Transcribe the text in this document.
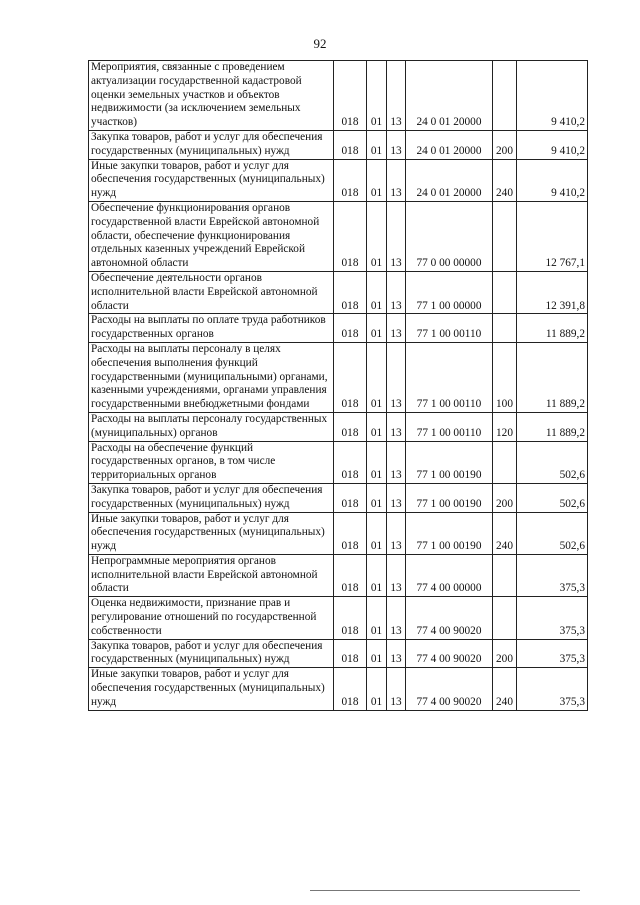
92
Мероприятия, связанные с проведением актуализации государственной кадастровой оценки земельных участков и объектов недвижимости (за исключением земельных участков)	018	01	13	24 0 01 20000		9 410,2
Закупка товаров, работ и услуг для обеспечения государственных (муниципальных) нужд	018	01	13	24 0 01 20000	200	9 410,2
Иные закупки товаров, работ и услуг для обеспечения государственных (муниципальных) нужд	018	01	13	24 0 01 20000	240	9 410,2
Обеспечение функционирования органов государственной власти Еврейской автономной области, обеспечение функционирования отдельных казенных учреждений Еврейской автономной области	018	01	13	77 0 00 00000		12 767,1
Обеспечение деятельности органов исполнительной власти Еврейской автономной области	018	01	13	77 1 00 00000		12 391,8
Расходы на выплаты по оплате труда работников государственных органов	018	01	13	77 1 00 00110		11 889,2
Расходы на выплаты персоналу в целях обеспечения выполнения функций государственными (муниципальными) органами, казенными учреждениями, органами управления государственными внебюджетными фондами	018	01	13	77 1 00 00110	100	11 889,2
Расходы на выплаты персоналу государственных (муниципальных) органов	018	01	13	77 1 00 00110	120	11 889,2
Расходы на обеспечение функций государственных органов, в том числе территориальных органов	018	01	13	77 1 00 00190		502,6
Закупка товаров, работ и услуг для обеспечения государственных (муниципальных) нужд	018	01	13	77 1 00 00190	200	502,6
Иные закупки товаров, работ и услуг для обеспечения государственных (муниципальных) нужд	018	01	13	77 1 00 00190	240	502,6
Непрограммные мероприятия органов исполнительной власти Еврейской автономной области	018	01	13	77 4 00 00000		375,3
Оценка недвижимости, признание прав и регулирование отношений по государственной собственности	018	01	13	77 4 00 90020		375,3
Закупка товаров, работ и услуг для обеспечения государственных (муниципальных) нужд	018	01	13	77 4 00 90020	200	375,3
Иные закупки товаров, работ и услуг для обеспечения государственных (муниципальных) нужд	018	01	13	77 4 00 90020	240	375,3
